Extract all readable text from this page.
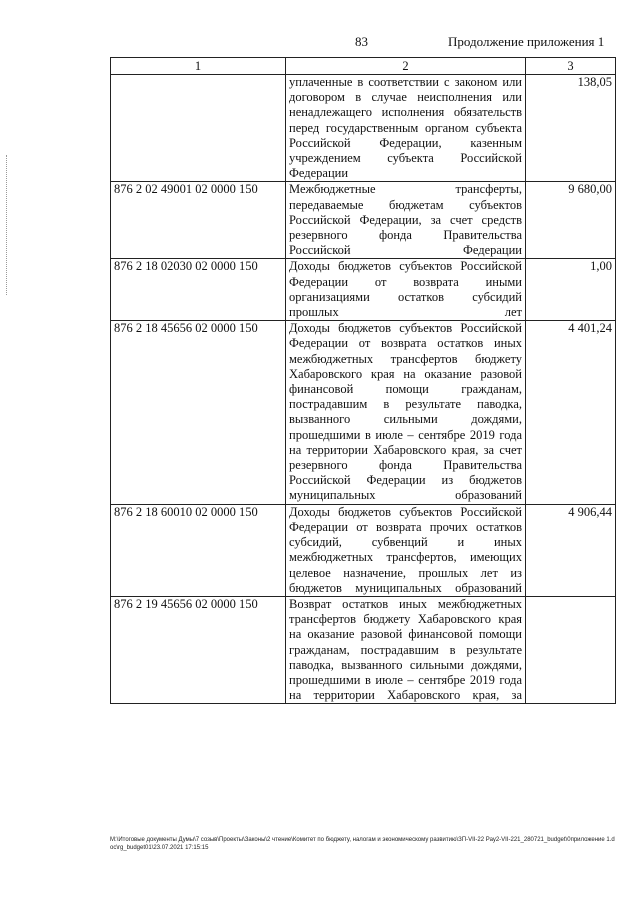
83	Продолжение приложения 1
1	2	3
	уплаченные в соответствии с законом или договором в случае неисполнения или ненадлежащего исполнения обязательств перед государственным органом субъекта Российской Федерации, казенным учреждением субъекта Российской Федерации	138,05
876 2 02 49001 02 0000 150	Межбюджетные трансферты, передаваемые бюджетам субъектов Российской Федерации, за счет средств резервного фонда Правительства Российской Федерации	9 680,00
876 2 18 02030 02 0000 150	Доходы бюджетов субъектов Российской Федерации от возврата иными организациями остатков субсидий прошлых лет	1,00
876 2 18 45656 02 0000 150	Доходы бюджетов субъектов Российской Федерации от возврата остатков иных межбюджетных трансфертов бюджету Хабаровского края на оказание разовой финансовой помощи гражданам, пострадавшим в результате паводка, вызванного сильными дождями, прошедшими в июле – сентябре 2019 года на территории Хабаровского края, за счет резервного фонда Правительства Российской Федерации из бюджетов муниципальных образований	4 401,24
876 2 18 60010 02 0000 150	Доходы бюджетов субъектов Российской Федерации от возврата прочих остатков субсидий, субвенций и иных межбюджетных трансфертов, имеющих целевое назначение, прошлых лет из бюджетов муниципальных образований	4 906,44
876 2 19 45656 02 0000 150	Возврат остатков иных межбюджетных трансфертов бюджету Хабаровского края на оказание разовой финансовой помощи гражданам, пострадавшим в результате паводка, вызванного сильными дождями, прошедшими в июле – сентябре 2019 года на территории Хабаровского края, за	
M:\Итоговые документы Думы\7 созыв\Проекты\Законы\2 чтение\Комитет по бюджету, налогам и экономическому развитию\ЗП-VII-22 Рау2-VII-221_280721_budget\0приложение 1.doc\rg_budget01\23.07.2021 17:15:15
